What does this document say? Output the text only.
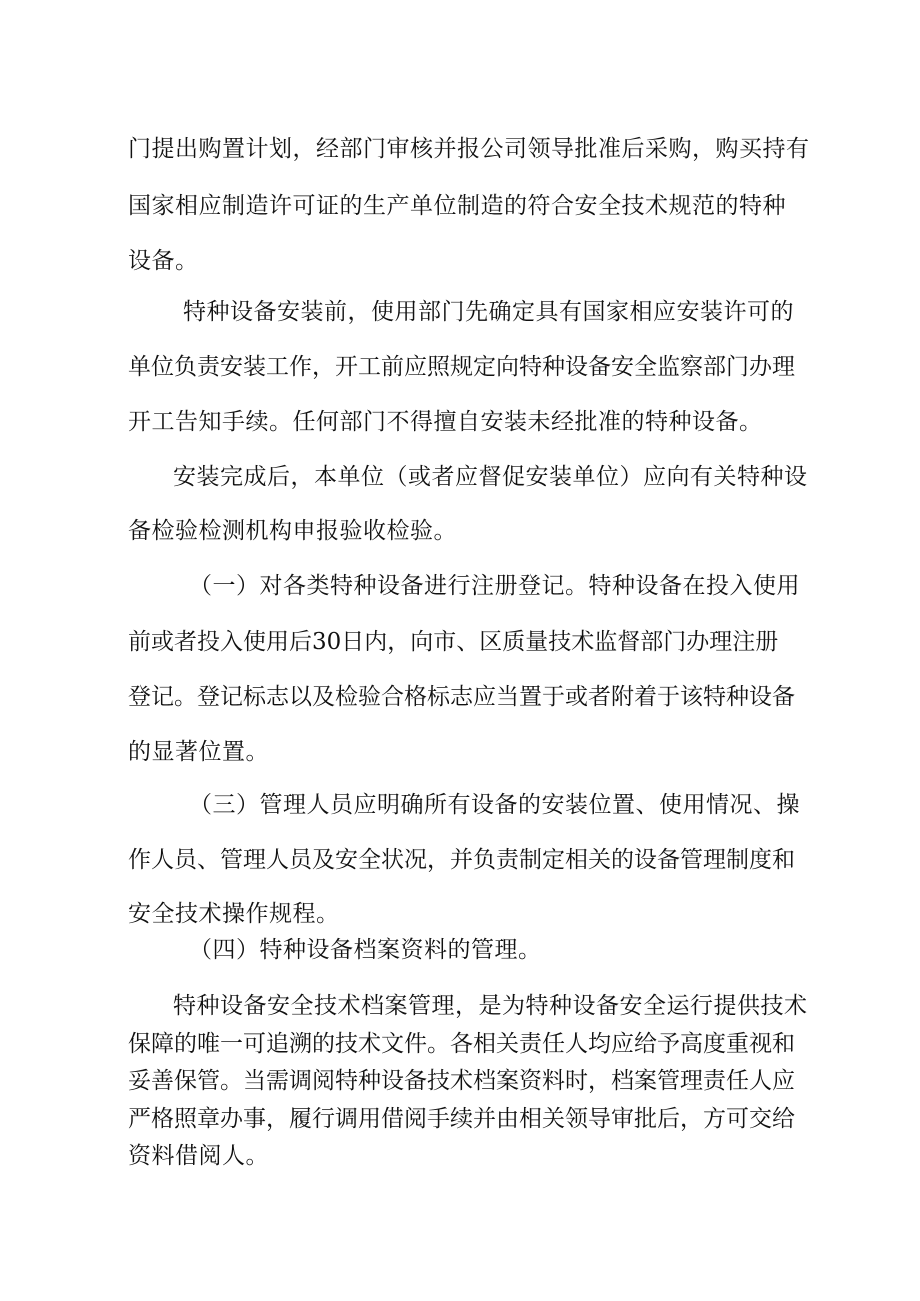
门提出购置计划，经部门审核并报公司领导批准后采购，购买持有
国家相应制造许可证的生产单位制造的符合安全技术规范的特种
设备。
特种设备安装前，使用部门先确定具有国家相应安装许可的
单位负责安装工作，开工前应照规定向特种设备安全监察部门办理
开工告知手续。任何部门不得擅自安装未经批准的特种设备。
安装完成后，本单位（或者应督促安装单位）应向有关特种设
备检验检测机构申报验收检验。
（一）对各类特种设备进行注册登记。特种设备在投入使用
前或者投入使用后30日内，向市、区质量技术监督部门办理注册
登记。登记标志以及检验合格标志应当置于或者附着于该特种设备
的显著位置。
（三）管理人员应明确所有设备的安装位置、使用情况、操
作人员、管理人员及安全状况，并负责制定相关的设备管理制度和
安全技术操作规程。
（四）特种设备档案资料的管理。
特种设备安全技术档案管理，是为特种设备安全运行提供技术
保障的唯一可追溯的技术文件。各相关责任人均应给予高度重视和
妥善保管。当需调阅特种设备技术档案资料时，档案管理责任人应
严格照章办事，履行调用借阅手续并由相关领导审批后，方可交给
资料借阅人。
